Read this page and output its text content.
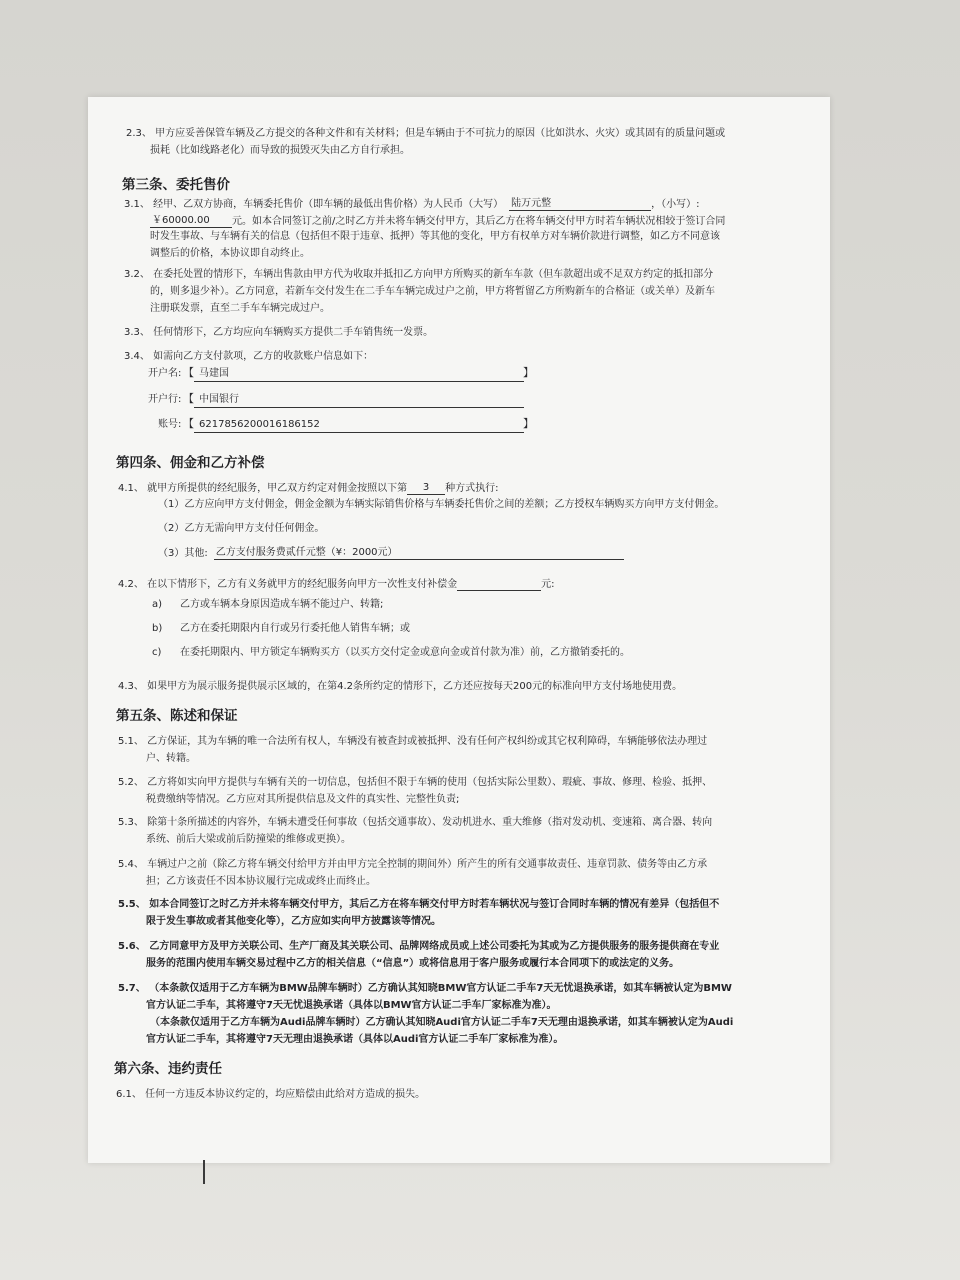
2.3、 甲方应妥善保管车辆及乙方提交的各种文件和有关材料；但是车辆由于不可抗力的原因（比如洪水、火灾）或其固有的质量问题或
损耗（比如线路老化）而导致的损毁灭失由乙方自行承担。
第三条、委托售价
3.1、 经甲、乙双方协商，车辆委托售价（即车辆的最低出售价格）为人民币（大写） 陆万元整	，（小写）:
￥60000.00 元。如本合同签订之前/之时乙方并未将车辆交付甲方，其后乙方在将车辆交付甲方时若车辆状况相较于签订合同
时发生事故、与车辆有关的信息（包括但不限于违章、抵押）等其他的变化，甲方有权单方对车辆价款进行调整，如乙方不同意该
调整后的价格，本协议即自动终止。
3.2、 在委托处置的情形下，车辆出售款由甲方代为收取并抵扣乙方向甲方所购买的新车车款（但车款超出或不足双方约定的抵扣部分
的，则多退少补）。乙方同意，若新车交付发生在二手车车辆完成过户之前，甲方将暂留乙方所购新车的合格证（或关单）及新车
注册联发票，直至二手车车辆完成过户。
3.3、 任何情形下，乙方均应向车辆购买方提供二手车销售统一发票。
3.4、 如需向乙方支付款项，乙方的收款账户信息如下：
开户名: 【 马建国	】
开户行: 【 中国银行
账号: 【 6217856200016186152	】
第四条、佣金和乙方补偿
4.1、 就甲方所提供的经纪服务，甲乙双方约定对佣金按照以下第 3 种方式执行:
（1）乙方应向甲方支付佣金，佣金金额为车辆实际销售价格与车辆委托售价之间的差额；乙方授权车辆购买方向甲方支付佣金。
（2）乙方无需向甲方支付任何佣金。
（3）其他: 乙方支付服务费贰仟元整（¥：2000元）
4.2、 在以下情形下，乙方有义务就甲方的经纪服务向甲方一次性支付补偿金	元:
a) 乙方或车辆本身原因造成车辆不能过户、转籍;
b) 乙方在委托期限内自行或另行委托他人销售车辆；或
c) 在委托期限内、甲方锁定车辆购买方（以买方交付定金或意向金或首付款为准）前，乙方撤销委托的。
4.3、 如果甲方为展示服务提供展示区域的，在第4.2条所约定的情形下，乙方还应按每天200元的标准向甲方支付场地使用费。
第五条、陈述和保证
5.1、 乙方保证，其为车辆的唯一合法所有权人，车辆没有被查封或被抵押、没有任何产权纠纷或其它权利障碍，车辆能够依法办理过
户、转籍。
5.2、 乙方将如实向甲方提供与车辆有关的一切信息，包括但不限于车辆的使用（包括实际公里数）、瑕疵、事故、修理、检验、抵押、
税费缴纳等情况。乙方应对其所提供信息及文件的真实性、完整性负责;
5.3、 除第十条所描述的内容外，车辆未遭受任何事故（包括交通事故）、发动机进水、重大维修（指对发动机、变速箱、离合器、转向
系统、前后大梁或前后防撞梁的维修或更换）。
5.4、 车辆过户之前（除乙方将车辆交付给甲方并由甲方完全控制的期间外）所产生的所有交通事故责任、违章罚款、债务等由乙方承
担；乙方该责任不因本协议履行完成或终止而终止。
5.5、 如本合同签订之时乙方并未将车辆交付甲方，其后乙方在将车辆交付甲方时若车辆状况与签订合同时车辆的情况有差异（包括但不
限于发生事故或者其他变化等），乙方应如实向甲方披露该等情况。
5.6、 乙方同意甲方及甲方关联公司、生产厂商及其关联公司、品牌网络成员或上述公司委托为其或为乙方提供服务的服务提供商在专业
服务的范围内使用车辆交易过程中乙方的相关信息（“信息”）或将信息用于客户服务或履行本合同项下的或法定的义务。
5.7、 （本条款仅适用于乙方车辆为BMW品牌车辆时）乙方确认其知晓BMW官方认证二手车7天无忧退换承诺，如其车辆被认定为BMW
官方认证二手车，其将遵守7天无忧退换承诺（具体以BMW官方认证二手车厂家标准为准）。
（本条款仅适用于乙方车辆为Audi品牌车辆时）乙方确认其知晓Audi官方认证二手车7天无理由退换承诺，如其车辆被认定为Audi
官方认证二手车，其将遵守7天无理由退换承诺（具体以Audi官方认证二手车厂家标准为准）。
第六条、违约责任
6.1、 任何一方违反本协议约定的，均应赔偿由此给对方造成的损失。
